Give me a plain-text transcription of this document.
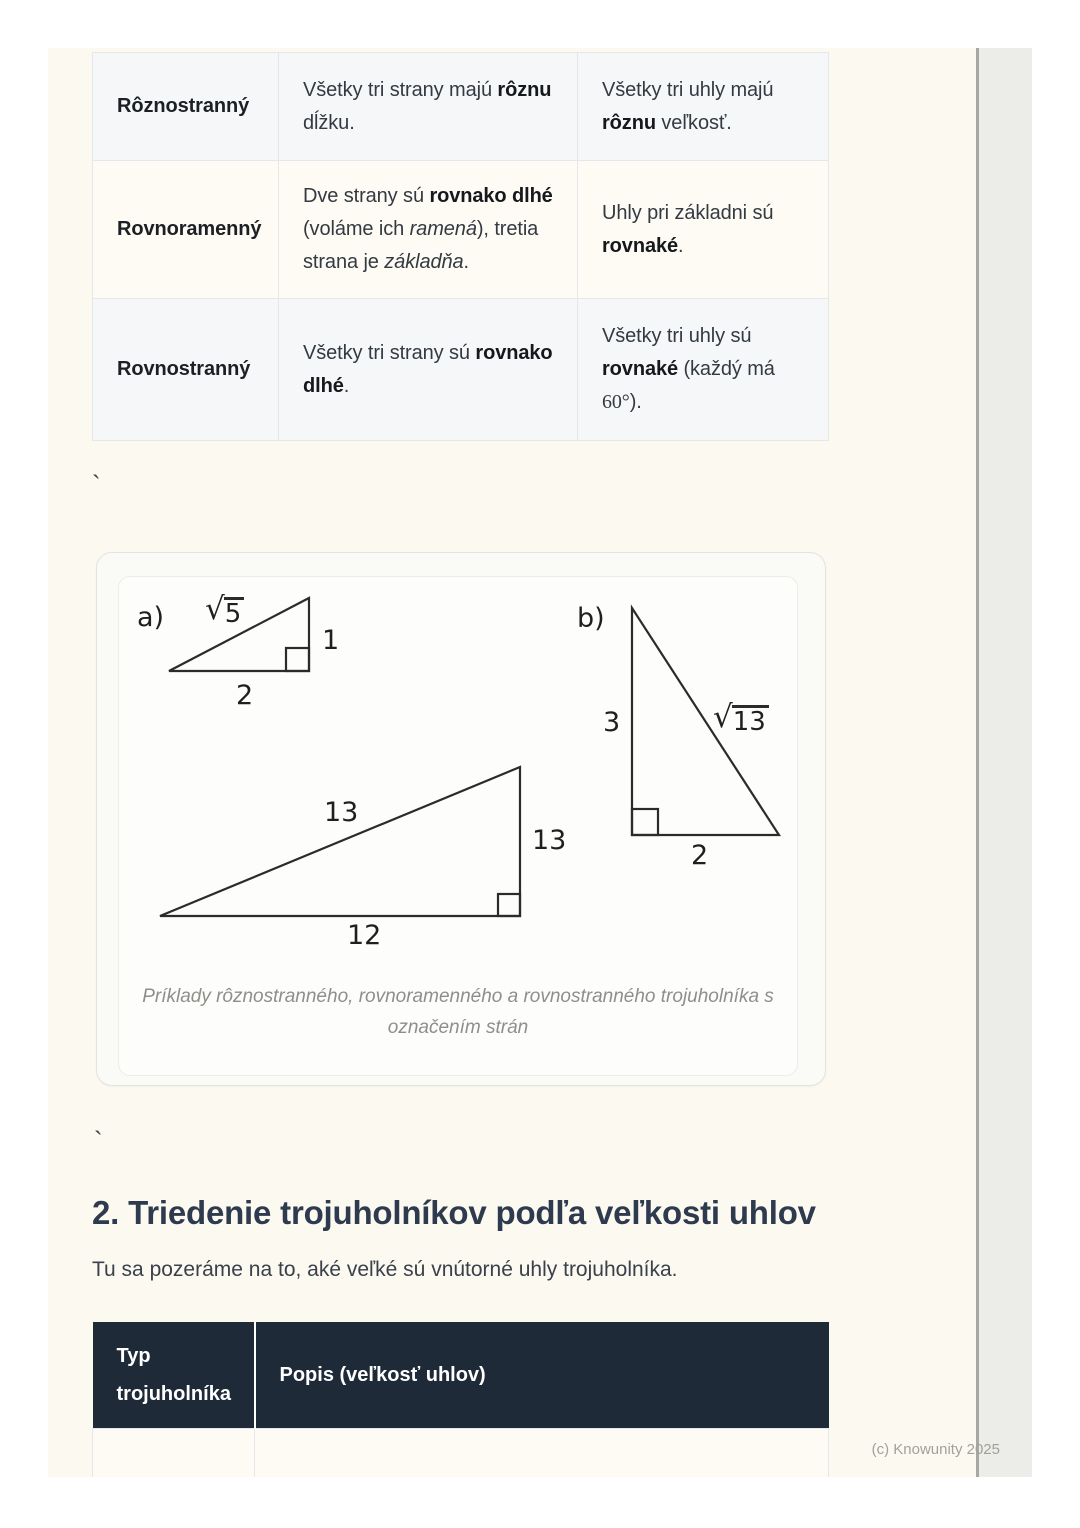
Rôznostranný	Všetky tri strany majú rôznu dĺžku.	Všetky tri uhly majú rôznu veľkosť.
Rovnoramenný	Dve strany sú rovnako dlhé (voláme ich ramená), tretia strana je základňa.	Uhly pri základni sú rovnaké.
Rovnostranný	Všetky tri strany sú rovnako dlhé.	Všetky tri uhly sú rovnaké (každý má 60°).
`
a) √ 5
1
2
b)
3	√ 13
2
13
13
12
Príklady rôznostranného, rovnoramenného a rovnostranného trojuholníka s
označením strán
`
2. Triedenie trojuholníkov podľa veľkosti uhlov
Tu sa pozeráme na to, aké veľké sú vnútorné uhly trojuholníka.
Typ trojuholníka	Popis (veľkosť uhlov)

(c) Knowunity 2025
